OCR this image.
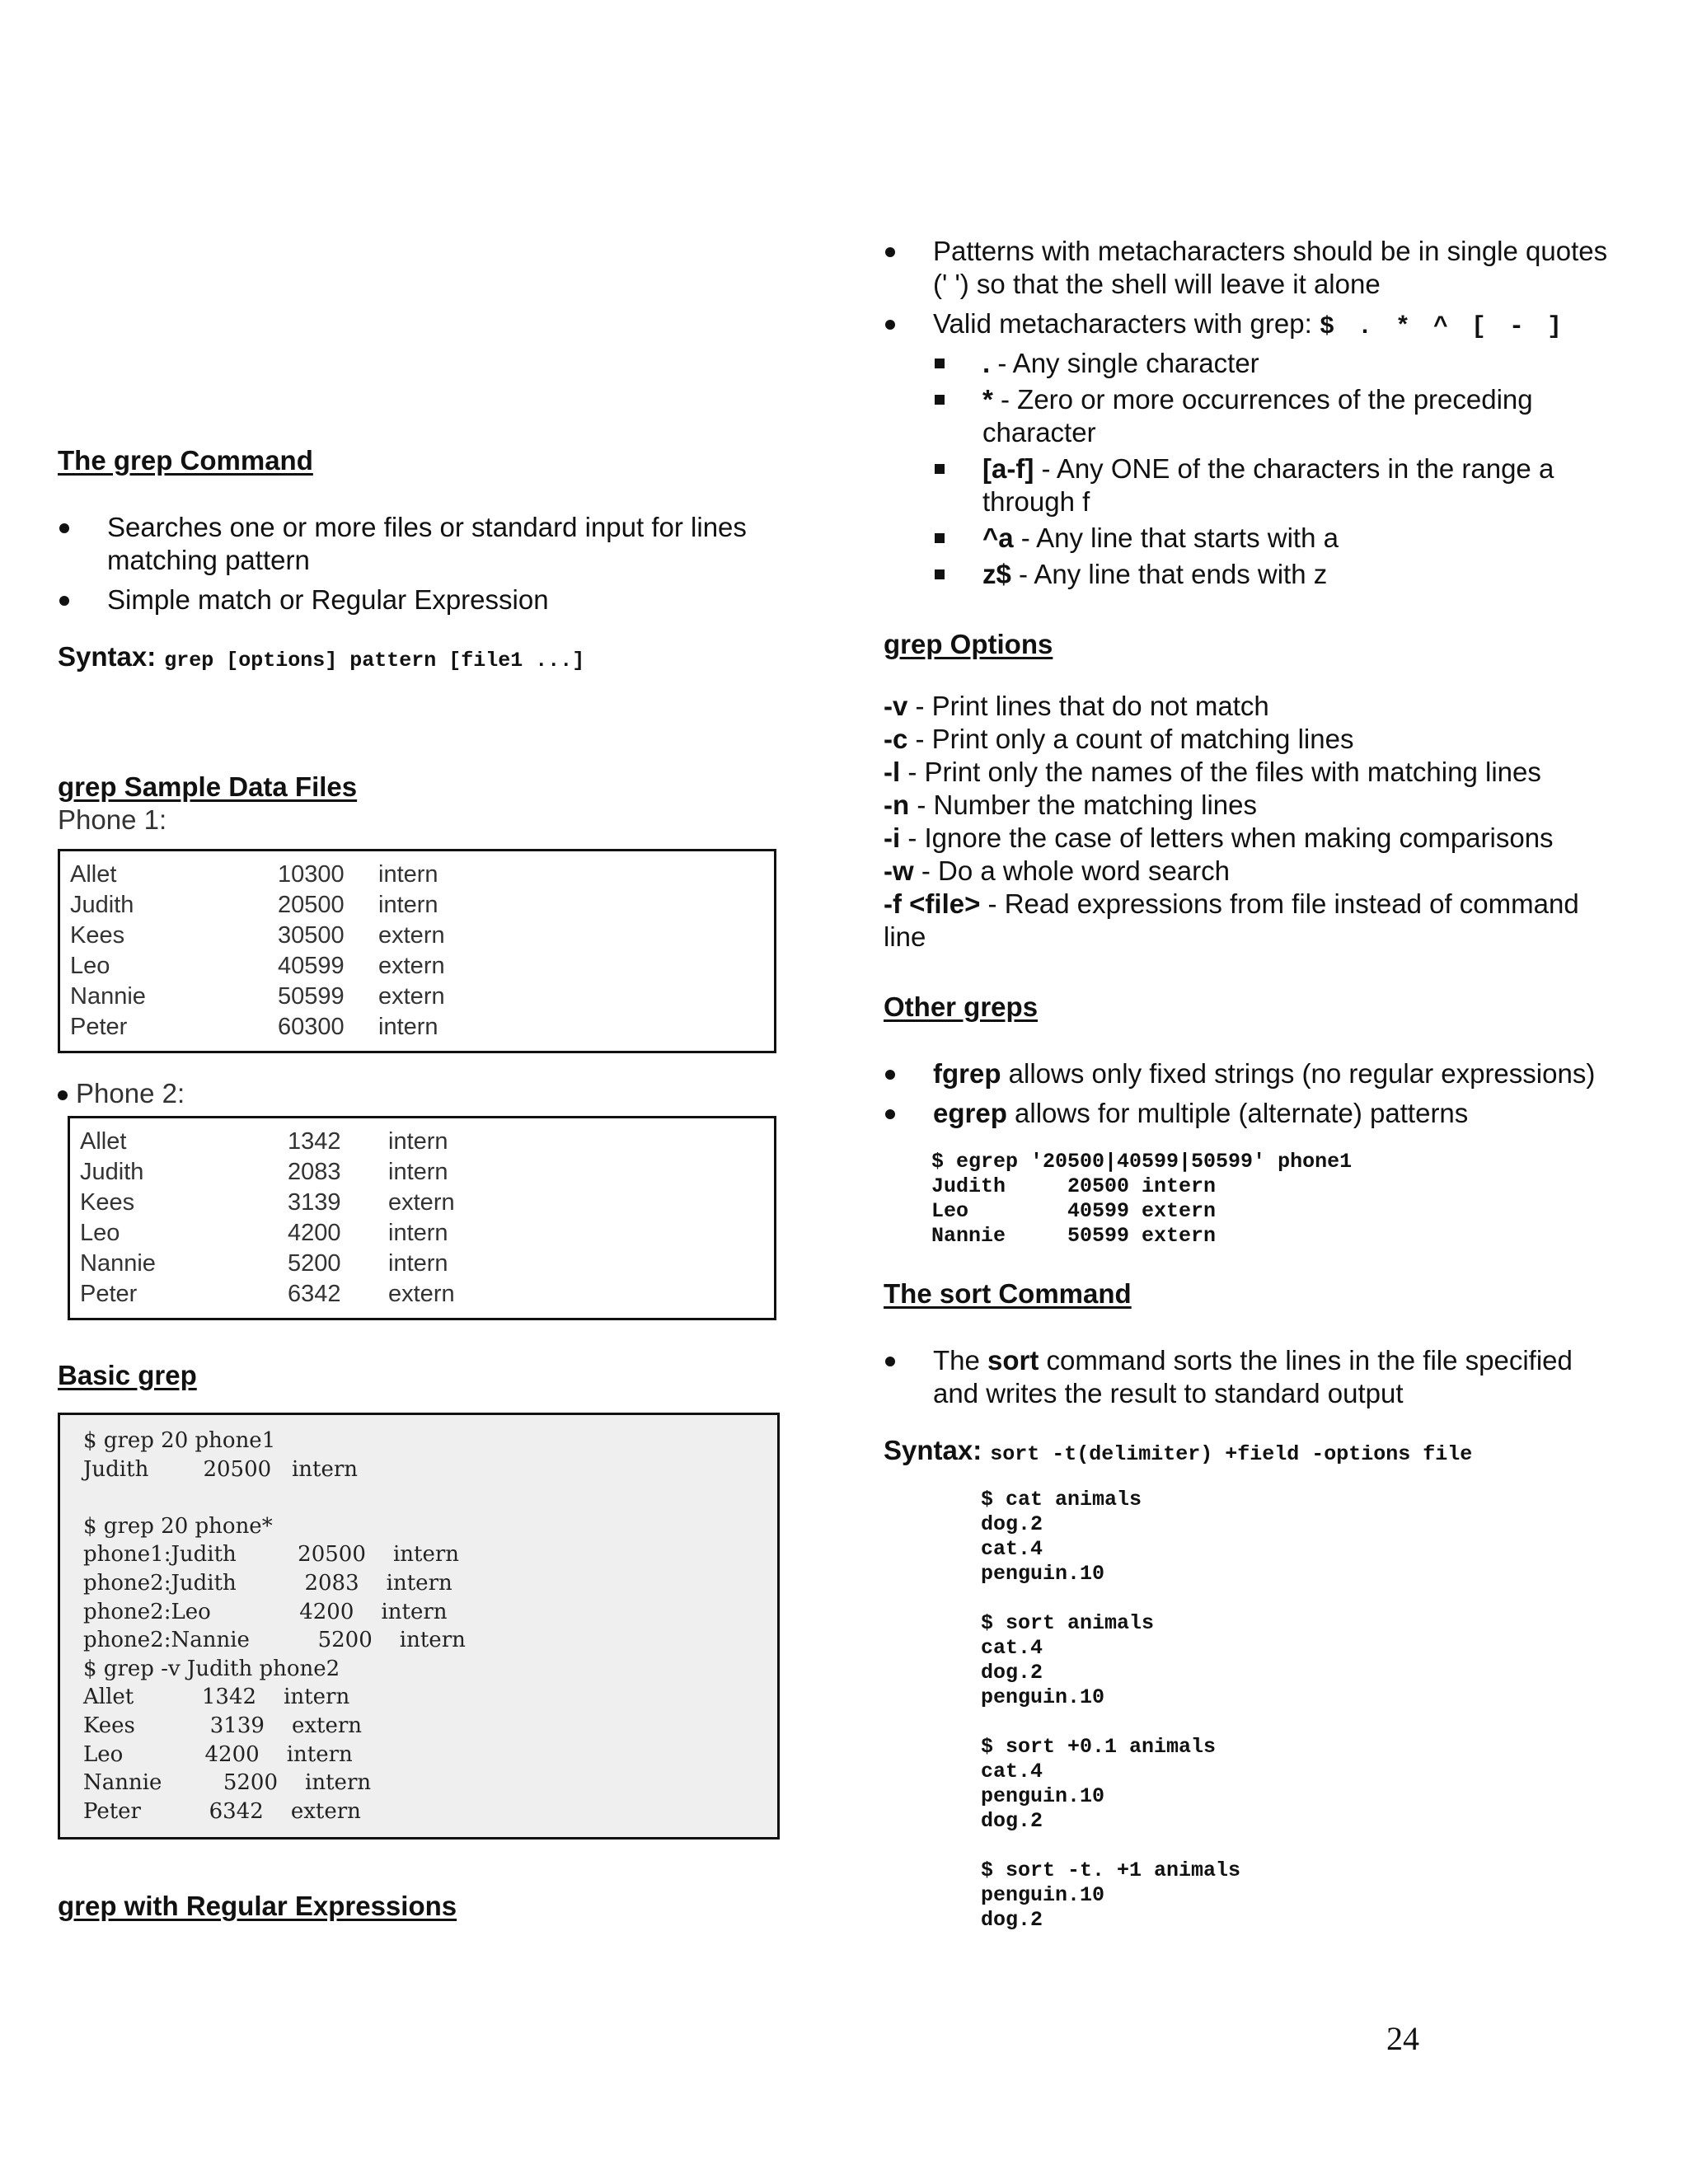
The grep Command
Searches one or more files or standard input for lines matching pattern
Simple match or Regular Expression
Syntax: grep [options] pattern [file1 ...]
grep Sample Data Files
Phone 1:
Allet	10300	intern
Judith	20500	intern
Kees	30500	extern
Leo	40599	extern
Nannie	50599	extern
Peter	60300	intern
Phone 2:
Allet	1342	intern
Judith	2083	intern
Kees	3139	extern
Leo	4200	intern
Nannie	5200	intern
Peter	6342	extern
Basic grep
$ grep 20 phone1
Judith        20500   intern

$ grep 20 phone*
phone1:Judith         20500    intern
phone2:Judith          2083    intern
phone2:Leo             4200    intern
phone2:Nannie          5200    intern
$ grep -v Judith phone2
Allet          1342    intern
Kees           3139    extern
Leo            4200    intern
Nannie         5200    intern
Peter          6342    extern
grep with Regular Expressions
Patterns with metacharacters should be in single quotes (' ') so that the shell will leave it alone
Valid metacharacters with grep: $ . * ^ [ - ]
. - Any single character
* - Zero or more occurrences of the preceding character
[a-f] - Any ONE of the characters in the range a through f
^a - Any line that starts with a
z$ - Any line that ends with z
grep Options
-v - Print lines that do not match
-c - Print only a count of matching lines
-l - Print only the names of the files with matching lines
-n - Number the matching lines
-i - Ignore the case of letters when making comparisons
-w - Do a whole word search
-f <file> - Read expressions from file instead of command line
Other greps
fgrep allows only fixed strings (no regular expressions)
egrep allows for multiple (alternate) patterns
$ egrep '20500|40599|50599' phone1
Judith     20500 intern
Leo        40599 extern
Nannie     50599 extern
The sort Command
The sort command sorts the lines in the file specified and writes the result to standard output
Syntax: sort -t(delimiter) +field -options file
$ cat animals
dog.2
cat.4
penguin.10

$ sort animals
cat.4
dog.2
penguin.10

$ sort +0.1 animals
cat.4
penguin.10
dog.2

$ sort -t. +1 animals
penguin.10
dog.2
24
